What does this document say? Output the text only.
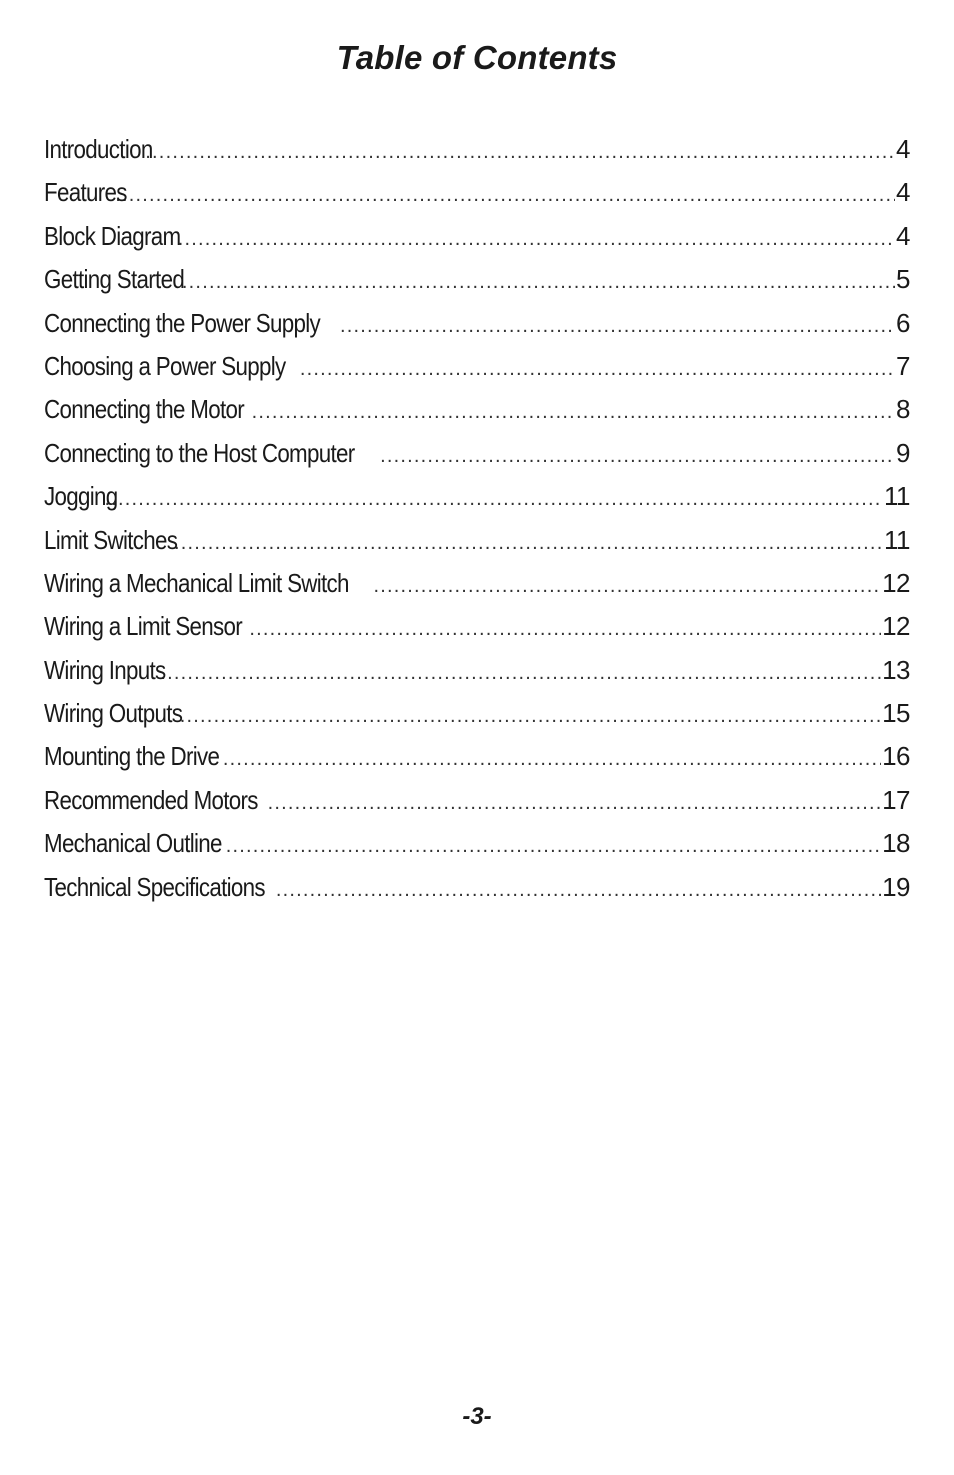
Table of Contents
Introduction .....	4
Features .....	4
Block Diagram .....	4
Getting Started .....	5
Connecting the Power Supply .....	6
Choosing a Power Supply .....	7
Connecting the Motor .....	8
Connecting to the Host Computer .....	9
Jogging .....	11
Limit Switches .....	11
Wiring a Mechanical Limit Switch .....	12
Wiring a Limit Sensor .....	12
Wiring Inputs .....	13
Wiring Outputs .....	15
Mounting the Drive .....	16
Recommended Motors .....	17
Mechanical Outline .....	18
Technical Specifications .....	19
-3-
